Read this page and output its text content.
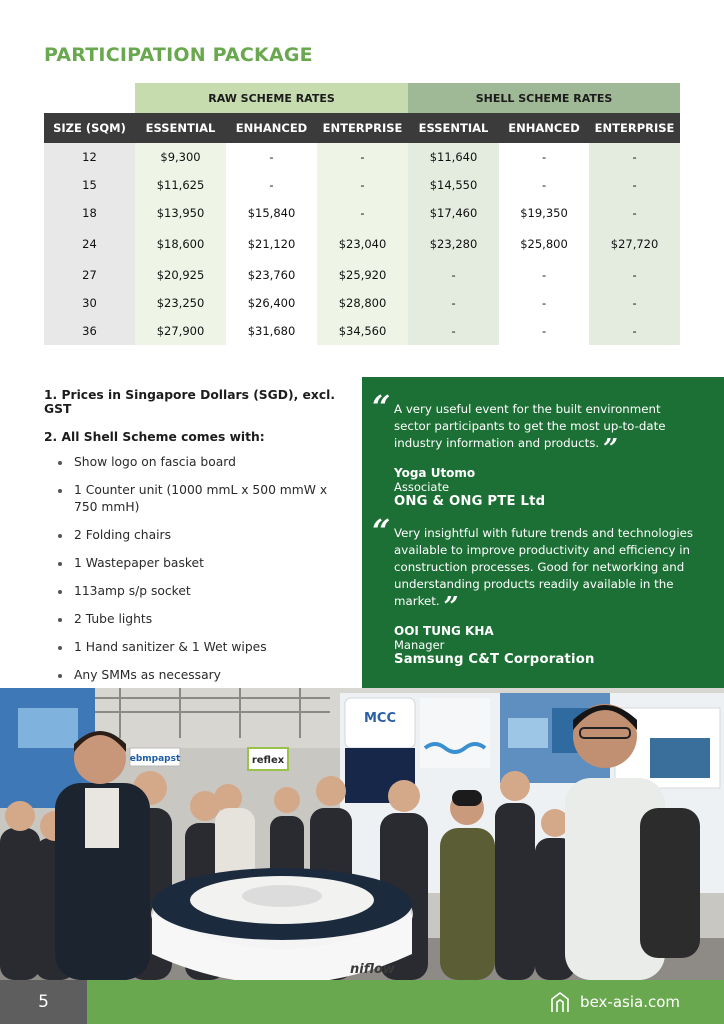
PARTICIPATION PACKAGE
	RAW SCHEME RATES			SHELL SCHEME RATES		
SIZE (SQM)	ESSENTIAL	ENHANCED	ENTERPRISE	ESSENTIAL	ENHANCED	ENTERPRISE
12	$9,300	-	-	$11,640	-	-
15	$11,625	-	-	$14,550	-	-
18	$13,950	$15,840	-	$17,460	$19,350	-
24	$18,600	$21,120	$23,040	$23,280	$25,800	$27,720
27	$20,925	$23,760	$25,920	-	-	-
30	$23,250	$26,400	$28,800	-	-	-
36	$27,900	$31,680	$34,560	-	-	-

1. Prices in Singapore Dollars (SGD), excl. GST

2. All Shell Scheme comes with:

Show logo on fascia board
1 Counter unit (1000 mmL x 500 mmW x 750 mmH)
2 Folding chairs
1 Wastepaper basket
113amp s/p socket
2 Tube lights
1 Hand sanitizer & 1 Wet wipes
Any SMMs as necessary
“ A very useful event for the built environment sector participants to get the most up-to-date industry information and products. ”

Yoga Utomo
Associate
ONG & ONG PTE Ltd
“ Very insightful with future trends and technologies available to improve productivity and efficiency in construction processes. Good for networking and understanding products readily available in the market. ”

OOI TUNG KHA
Manager
Samsung C&T Corporation
MCC
ebmpapst	reflex
niflow
5	bex-asia.com
